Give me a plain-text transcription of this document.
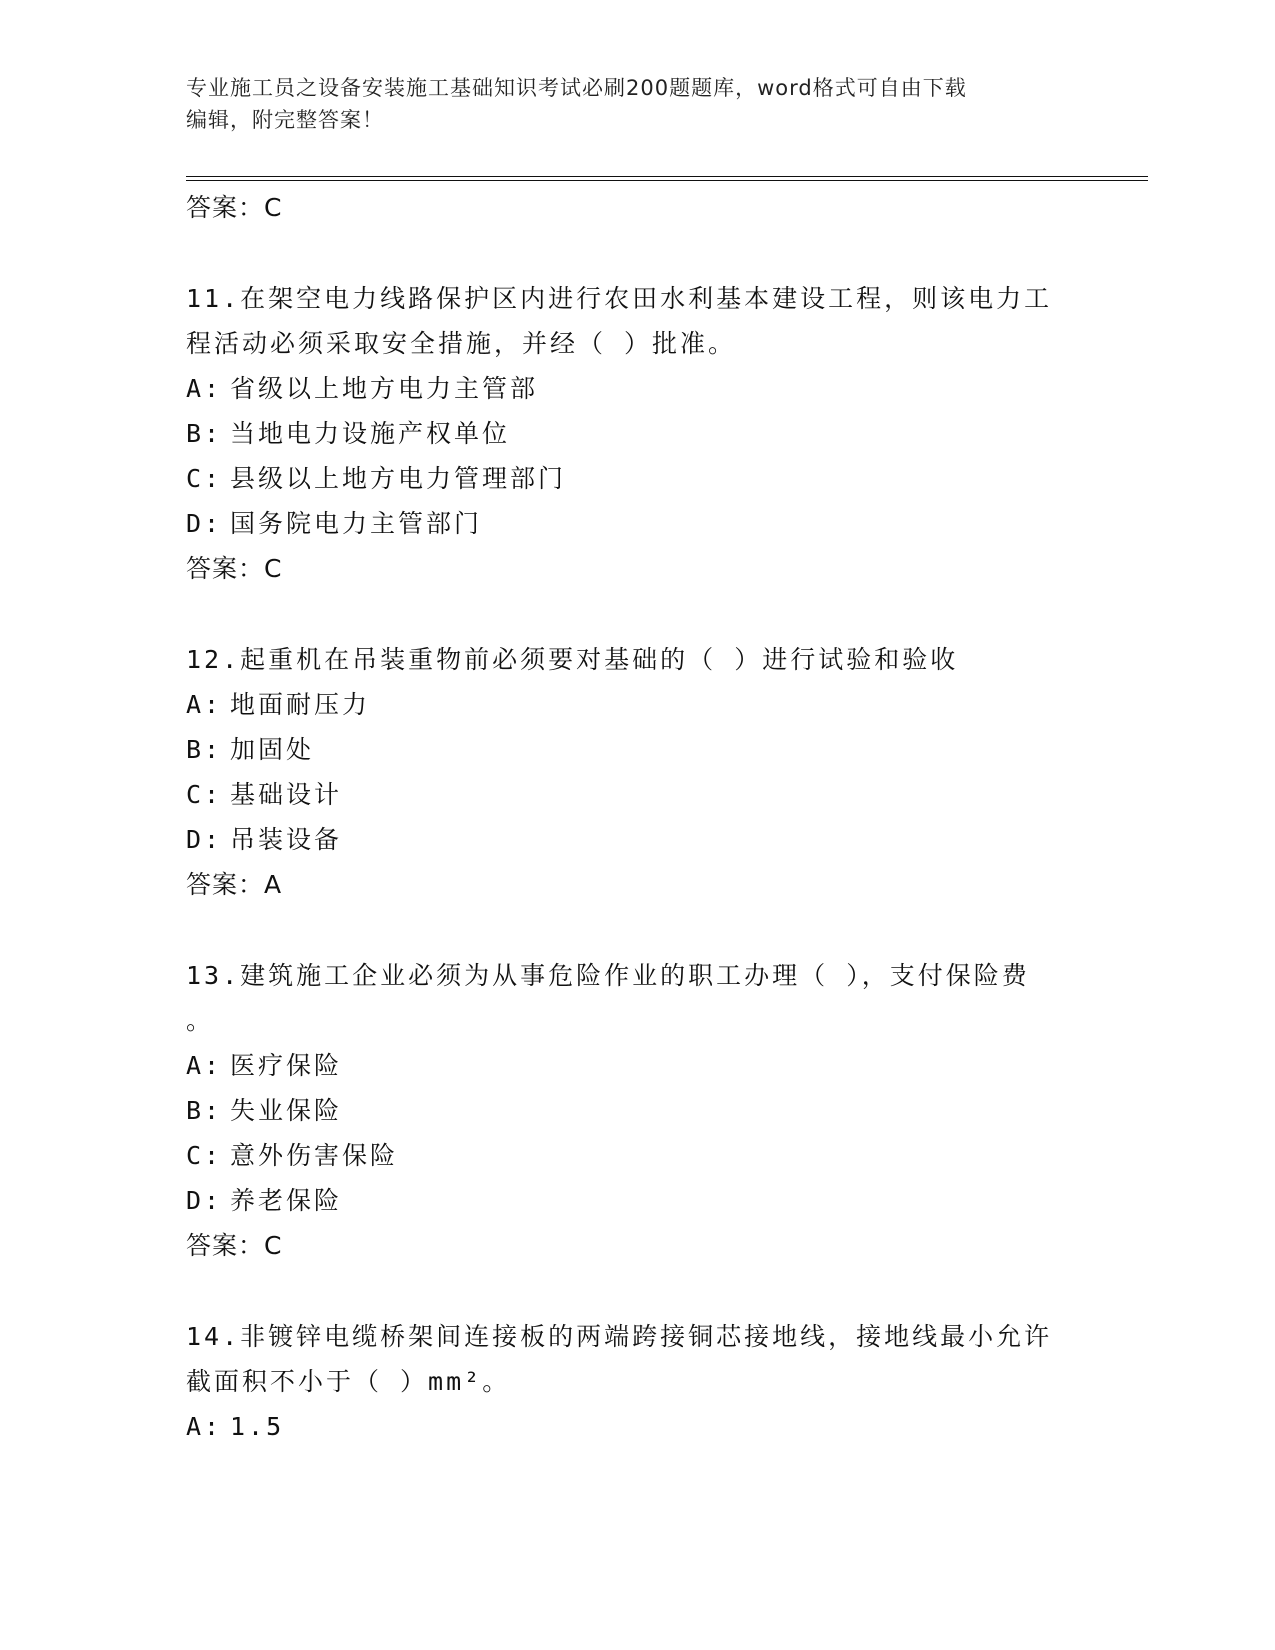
专业施工员之设备安装施工基础知识考试必刷200题题库，word格式可自由下载
编辑，附完整答案！
答案：C
11.在架空电力线路保护区内进行农田水利基本建设工程，则该电力工
程活动必须采取安全措施，并经（ ）批准。
A: 省级以上地方电力主管部
B: 当地电力设施产权单位
C: 县级以上地方电力管理部门
D: 国务院电力主管部门
答案：C
12.起重机在吊装重物前必须要对基础的（ ）进行试验和验收
A: 地面耐压力
B: 加固处
C: 基础设计
D: 吊装设备
答案：A
13.建筑施工企业必须为从事危险作业的职工办理（ ），支付保险费
。
A: 医疗保险
B: 失业保险
C: 意外伤害保险
D: 养老保险
答案：C
14.非镀锌电缆桥架间连接板的两端跨接铜芯接地线，接地线最小允许
截面积不小于（ ）mm²。
A: 1.5
